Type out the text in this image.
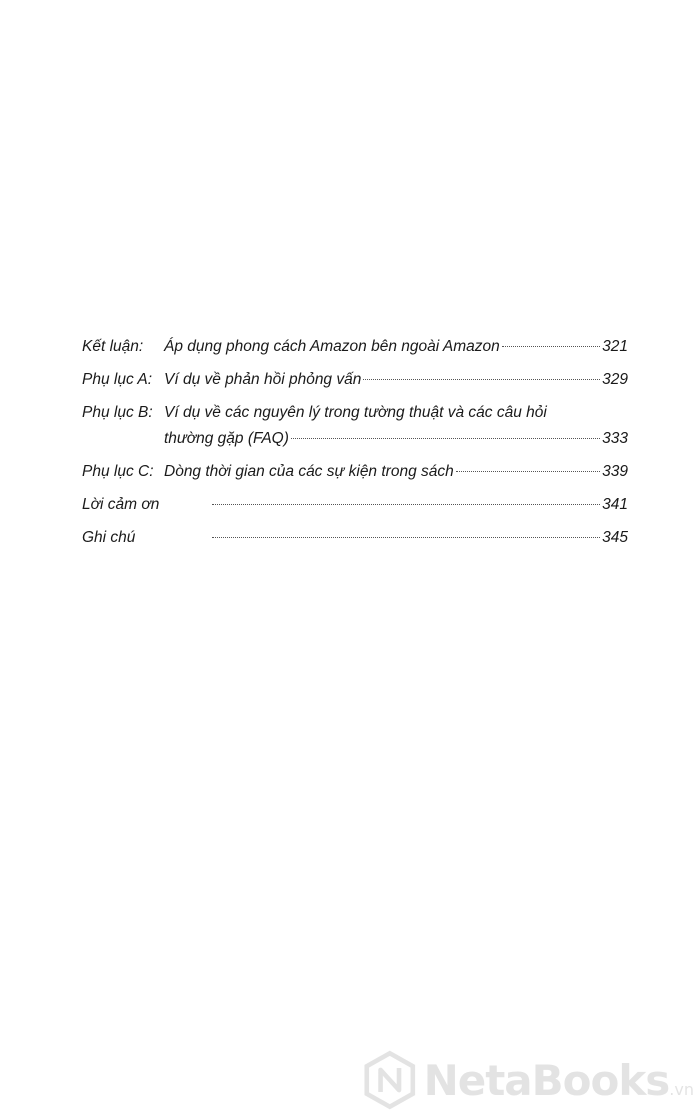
Kết luận: Áp dụng phong cách Amazon bên ngoài Amazon	321
Phụ lục A: Ví dụ về phản hồi phỏng vấn	329
Phụ lục B: Ví dụ về các nguyên lý trong tường thuật và các câu hỏi
thường gặp (FAQ)	333
Phụ lục C: Dòng thời gian của các sự kiện trong sách	339
Lời cảm ơn	341
Ghi chú	345
NetaBooks.vn
